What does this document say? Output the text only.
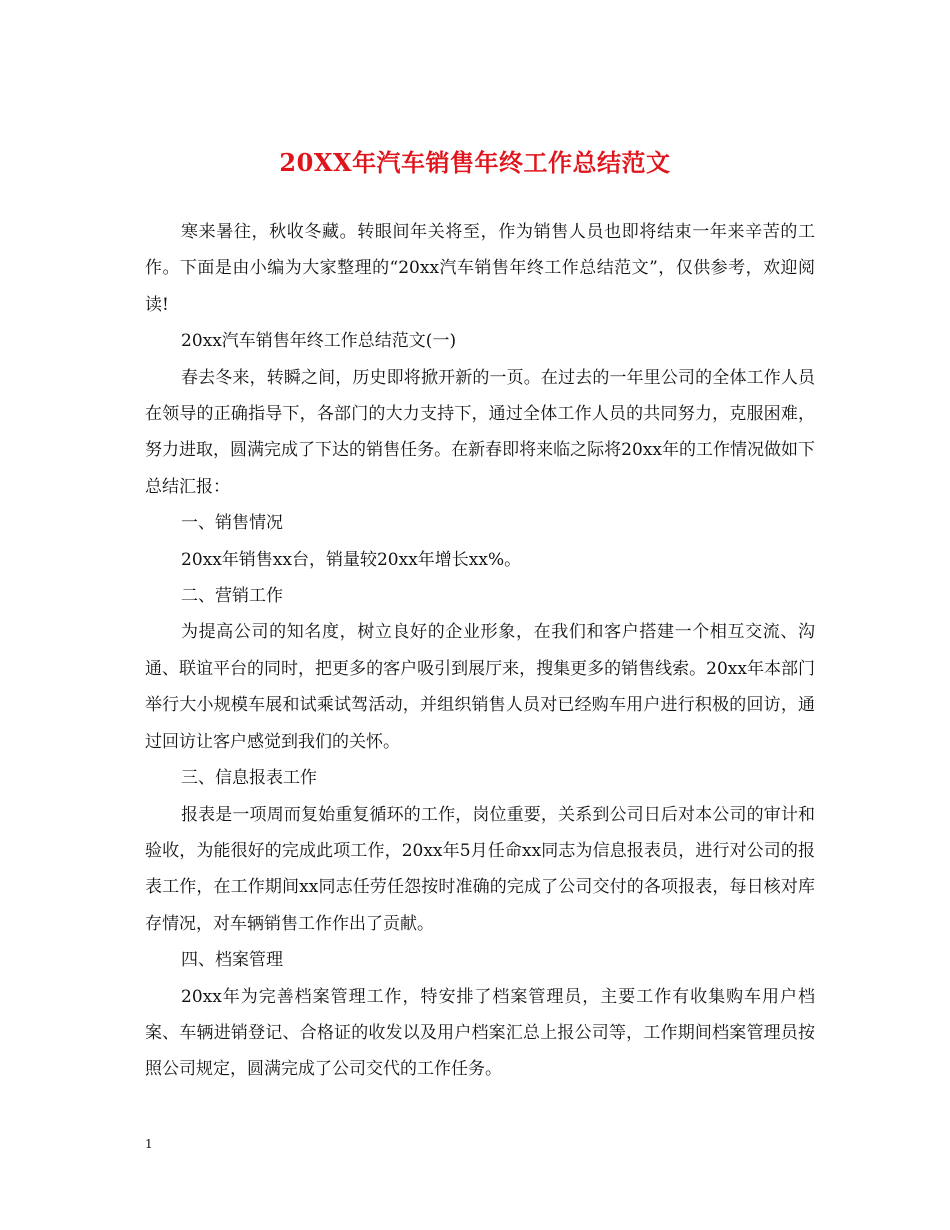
20XX年汽车销售年终工作总结范文

寒来暑往，秋收冬藏。转眼间年关将至，作为销售人员也即将结束一年来辛苦的工作。下面是由小编为大家整理的“20xx汽车销售年终工作总结范文”，仅供参考，欢迎阅读!

20xx汽车销售年终工作总结范文(一)

春去冬来，转瞬之间，历史即将掀开新的一页。在过去的一年里公司的全体工作人员在领导的正确指导下，各部门的大力支持下，通过全体工作人员的共同努力，克服困难，努力进取，圆满完成了下达的销售任务。在新春即将来临之际将20xx年的工作情况做如下总结汇报：

一、销售情况

20xx年销售xx台，销量较20xx年增长xx%。

二、营销工作

为提高公司的知名度，树立良好的企业形象，在我们和客户搭建一个相互交流、沟通、联谊平台的同时，把更多的客户吸引到展厅来，搜集更多的销售线索。20xx年本部门举行大小规模车展和试乘试驾活动，并组织销售人员对已经购车用户进行积极的回访，通过回访让客户感觉到我们的关怀。

三、信息报表工作

报表是一项周而复始重复循环的工作，岗位重要，关系到公司日后对本公司的审计和验收，为能很好的完成此项工作，20xx年5月任命xx同志为信息报表员，进行对公司的报表工作，在工作期间xx同志任劳任怨按时准确的完成了公司交付的各项报表，每日核对库存情况，对车辆销售工作作出了贡献。

四、档案管理

20xx年为完善档案管理工作，特安排了档案管理员，主要工作有收集购车用户档案、车辆进销登记、合格证的收发以及用户档案汇总上报公司等，工作期间档案管理员按照公司规定，圆满完成了公司交代的工作任务。

1
